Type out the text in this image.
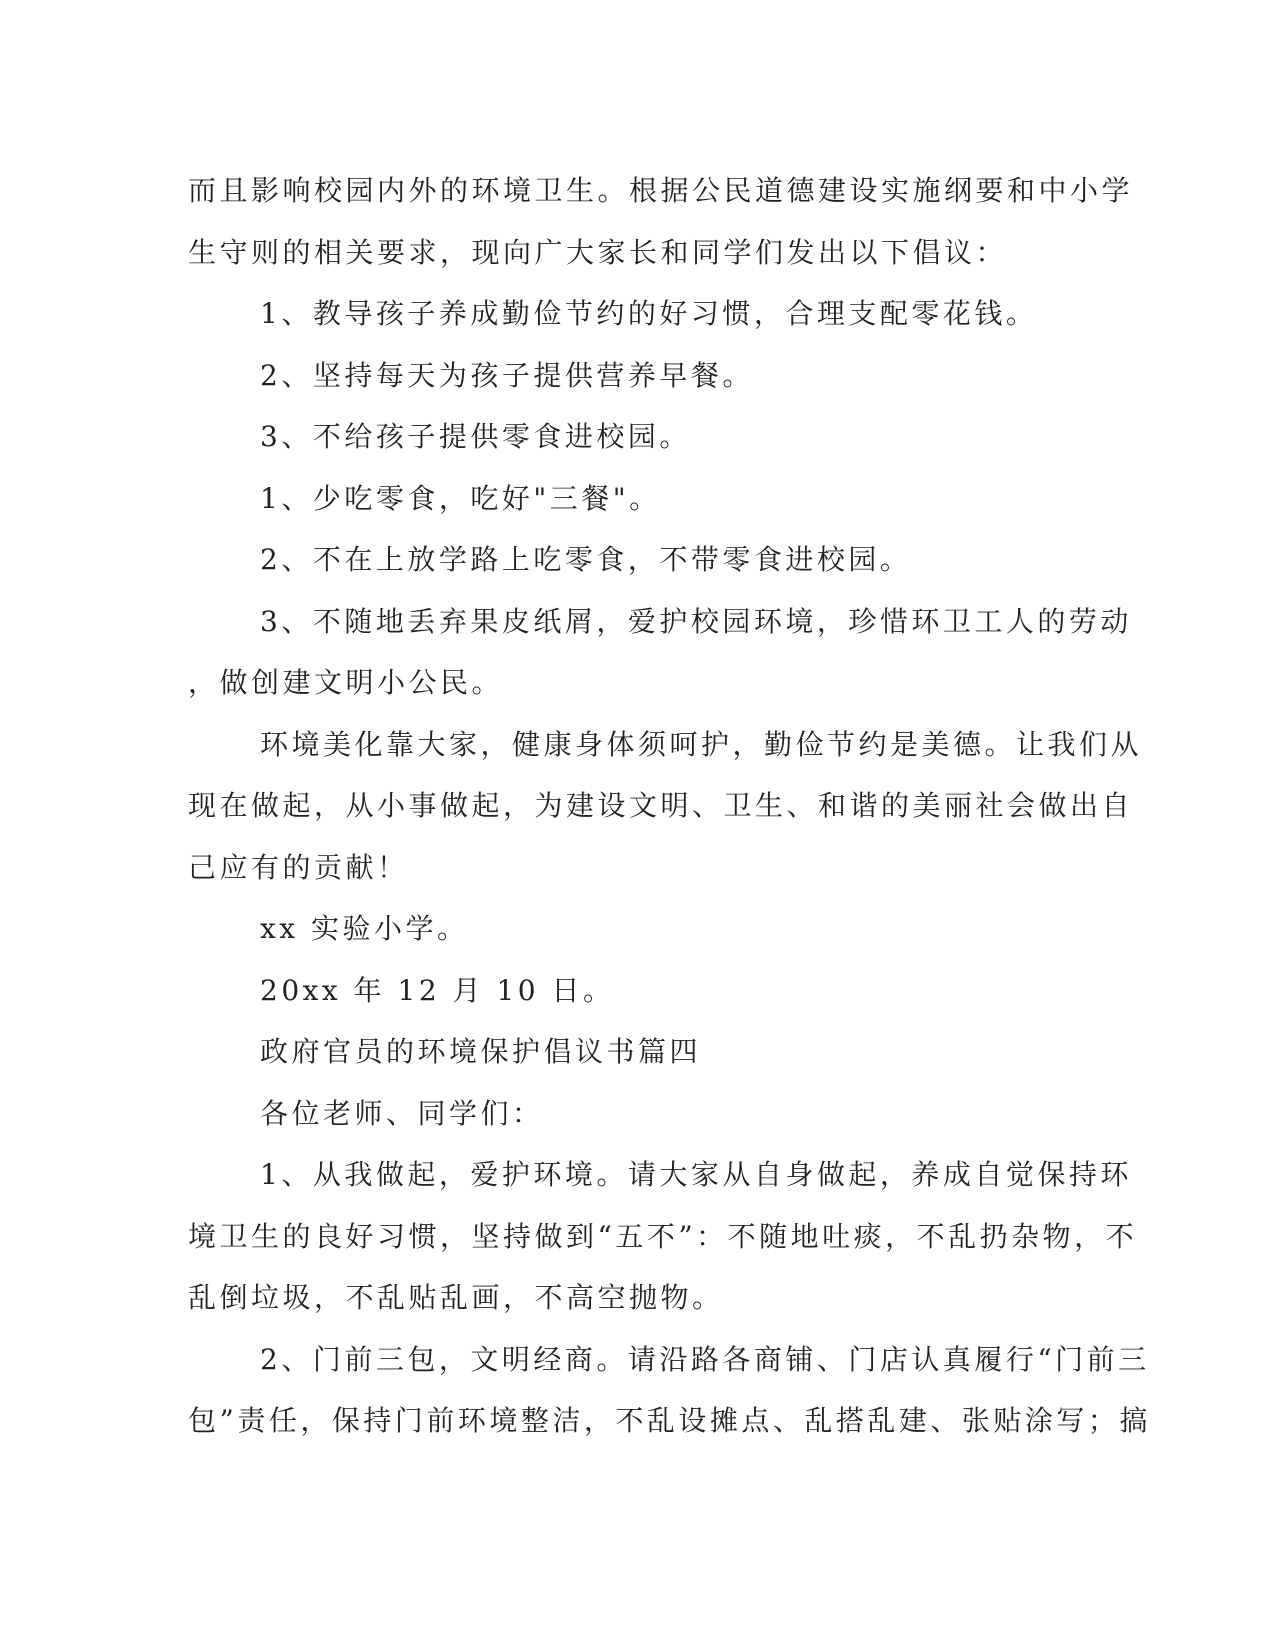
而且影响校园内外的环境卫生。根据公民道德建设实施纲要和中小学

生守则的相关要求，现向广大家长和同学们发出以下倡议：

1、教导孩子养成勤俭节约的好习惯，合理支配零花钱。

2、坚持每天为孩子提供营养早餐。

3、不给孩子提供零食进校园。

1、少吃零食，吃好"三餐"。

2、不在上放学路上吃零食，不带零食进校园。

3、不随地丢弃果皮纸屑，爱护校园环境，珍惜环卫工人的劳动

，做创建文明小公民。

环境美化靠大家，健康身体须呵护，勤俭节约是美德。让我们从

现在做起，从小事做起，为建设文明、卫生、和谐的美丽社会做出自

己应有的贡献！

xx 实验小学。

20xx 年 12 月 10 日。

政府官员的环境保护倡议书篇四

各位老师、同学们：

1、从我做起，爱护环境。请大家从自身做起，养成自觉保持环

境卫生的良好习惯，坚持做到“五不”：不随地吐痰，不乱扔杂物，不

乱倒垃圾，不乱贴乱画，不高空抛物。

2、门前三包，文明经商。请沿路各商铺、门店认真履行“门前三

包”责任，保持门前环境整洁，不乱设摊点、乱搭乱建、张贴涂写；搞
